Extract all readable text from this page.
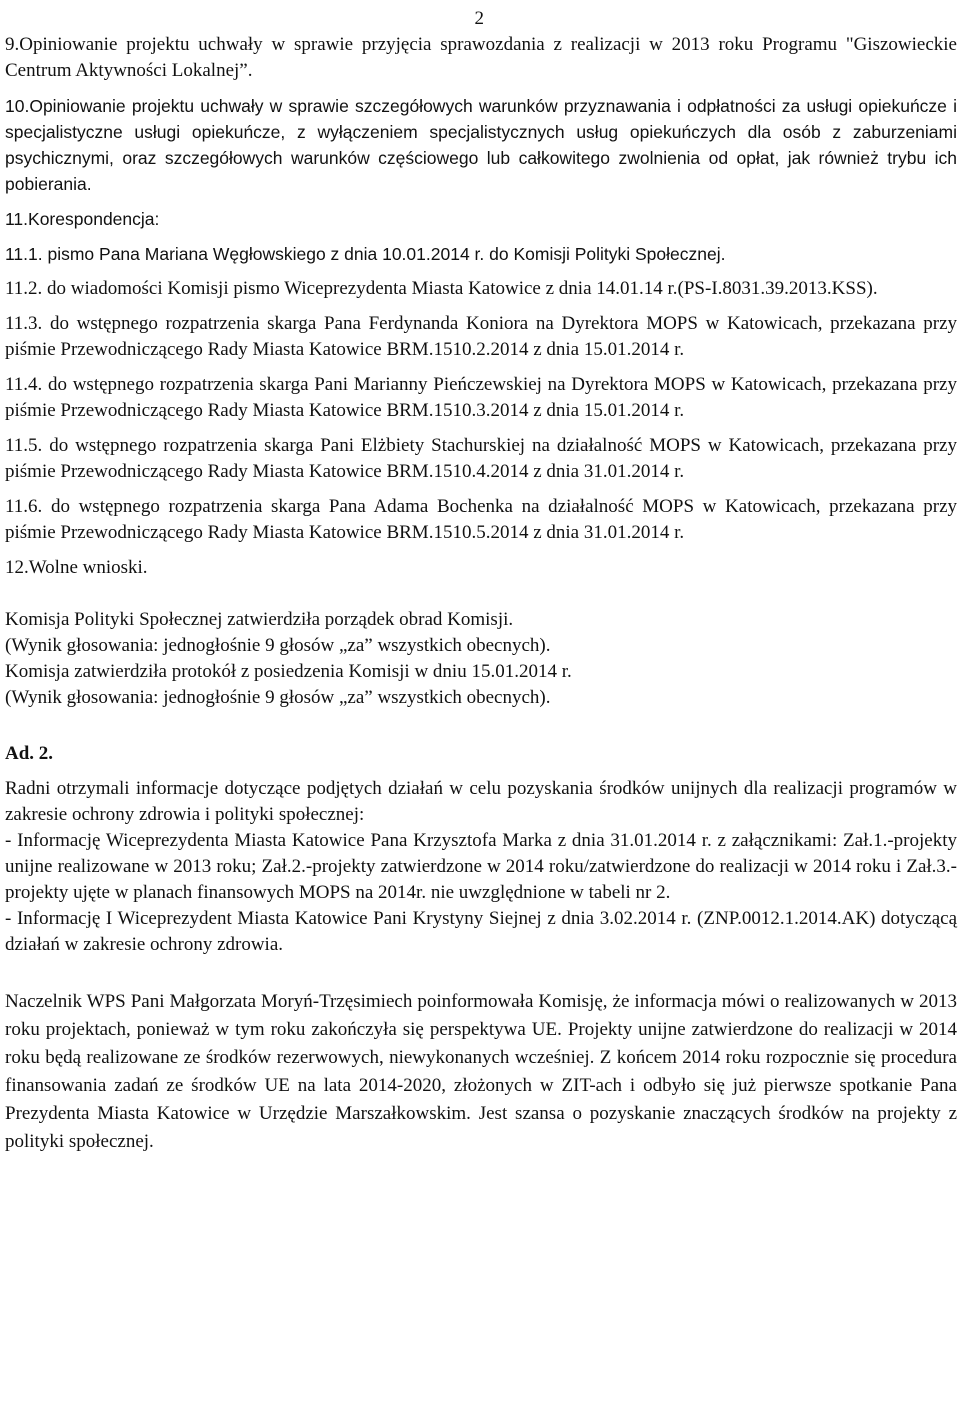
2

9.Opiniowanie projektu uchwały w sprawie przyjęcia sprawozdania z realizacji w 2013 roku Programu "Giszowieckie Centrum Aktywności Lokalnej”.

10.Opiniowanie projektu uchwały w sprawie szczegółowych warunków przyznawania i odpłatności za usługi opiekuńcze i specjalistyczne usługi opiekuńcze, z wyłączeniem specjalistycznych usług opiekuńczych dla osób z zaburzeniami psychicznymi, oraz szczegółowych warunków częściowego lub całkowitego zwolnienia od opłat, jak również trybu ich pobierania.

11.Korespondencja:

11.1. pismo Pana Mariana Węgłowskiego z dnia 10.01.2014 r. do Komisji Polityki Społecznej.

11.2. do wiadomości Komisji pismo Wiceprezydenta Miasta Katowice z dnia 14.01.14 r.(PS-I.8031.39.2013.KSS).

11.3. do wstępnego rozpatrzenia skarga Pana Ferdynanda Koniora na Dyrektora MOPS w Katowicach, przekazana przy piśmie Przewodniczącego Rady Miasta Katowice BRM.1510.2.2014 z dnia 15.01.2014 r.

11.4. do wstępnego rozpatrzenia skarga Pani Marianny Pieńczewskiej na Dyrektora MOPS w Katowicach, przekazana przy piśmie Przewodniczącego Rady Miasta Katowice BRM.1510.3.2014 z dnia 15.01.2014 r.

11.5. do wstępnego rozpatrzenia skarga Pani Elżbiety Stachurskiej na działalność MOPS w Katowicach, przekazana przy piśmie Przewodniczącego Rady Miasta Katowice BRM.1510.4.2014 z dnia 31.01.2014 r.

11.6. do wstępnego rozpatrzenia skarga Pana Adama Bochenka na działalność MOPS w Katowicach, przekazana przy piśmie Przewodniczącego Rady Miasta Katowice BRM.1510.5.2014 z dnia 31.01.2014 r.

12.Wolne wnioski.

Komisja Polityki Społecznej zatwierdziła porządek obrad Komisji.

(Wynik głosowania: jednogłośnie 9 głosów „za” wszystkich obecnych).

Komisja zatwierdziła protokół z posiedzenia Komisji w dniu 15.01.2014 r.

(Wynik głosowania: jednogłośnie 9 głosów „za” wszystkich obecnych).

Ad. 2.

Radni otrzymali informacje dotyczące podjętych działań w celu pozyskania środków unijnych dla realizacji programów w zakresie ochrony zdrowia i polityki społecznej:

- Informację Wiceprezydenta Miasta Katowice Pana Krzysztofa Marka z dnia 31.01.2014 r. z załącznikami: Zał.1.-projekty unijne realizowane w 2013 roku; Zał.2.-projekty zatwierdzone w 2014 roku/zatwierdzone do realizacji w 2014 roku i Zał.3.-projekty ujęte w planach finansowych MOPS na 2014r. nie uwzględnione w tabeli nr 2.

- Informację I Wiceprezydent Miasta Katowice Pani Krystyny Siejnej z dnia 3.02.2014 r. (ZNP.0012.1.2014.AK) dotyczącą działań w zakresie ochrony zdrowia.

Naczelnik WPS Pani Małgorzata Moryń-Trzęsimiech poinformowała Komisję, że informacja mówi o realizowanych w 2013 roku projektach, ponieważ w tym roku zakończyła się perspektywa UE. Projekty unijne zatwierdzone do realizacji w 2014 roku będą realizowane ze środków rezerwowych, niewykonanych wcześniej. Z końcem 2014 roku rozpocznie się procedura finansowania zadań ze środków UE na lata 2014-2020, złożonych w ZIT-ach i odbyło się już pierwsze spotkanie Pana Prezydenta Miasta Katowice w Urzędzie Marszałkowskim. Jest szansa o pozyskanie znaczących środków na projekty z polityki społecznej.
